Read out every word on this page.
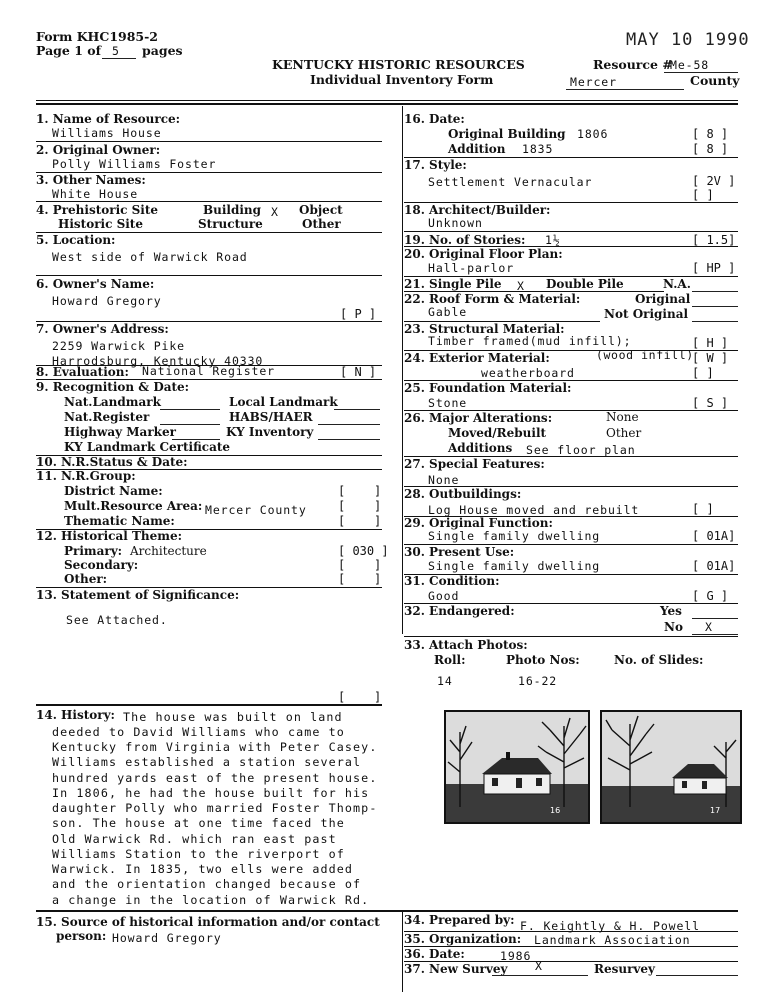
Form KHC1985-2
Page 1 of 5 pages
MAY 10 1990
KENTUCKY HISTORIC RESOURCES
Individual Inventory Form
Resource #
Me-58
Mercer	County
1. Name of Resource:
Williams House
2. Original Owner:
Polly Williams Foster
3. Other Names:
White House
4. Prehistoric Site
Historic Site
Building X
Structure
Object
Other
5. Location:
West side of Warwick Road
6. Owner's Name:
Howard Gregory
[ P ]
7. Owner's Address:
2259 Warwick Pike
Harrodsburg, Kentucky 40330
8. Evaluation: National Register	[ N ]
9. Recognition & Date:
Nat.Landmark	Local Landmark
Nat.Register	HABS/HAER
Highway Marker	KY Inventory
KY Landmark Certificate
10. N.R.Status & Date:
11. N.R.Group:
District Name:	[ ]
Mult.Resource Area: Mercer County	[ ]
Thematic Name:	[ ]
12. Historical Theme:
Primary: Architecture	[ 030 ]
Secondary:	[ ]
Other:	[ ]
13. Statement of Significance:
See Attached.
[ ]
14. History: The house was built on land
deeded to David Williams who came to
Kentucky from Virginia with Peter Casey.
Williams established a station several
hundred yards east of the present house.
In 1806, he had the house built for his
daughter Polly who married Foster Thomp-
son. The house at one time faced the
Old Warwick Rd. which ran east past
Williams Station to the riverport of
Warwick. In 1835, two ells were added
and the orientation changed because of
a change in the location of Warwick Rd.
15. Source of historical information and/or contact
person: Howard Gregory
16. Date:
Original Building 1806	[ 8 ]
Addition 1835	[ 8 ]
17. Style:
Settlement Vernacular	[ 2V ]
[ ]
18. Architect/Builder:
Unknown
19. No. of Stories: 1½	[ 1.5]
20. Original Floor Plan:
Hall-parlor	[ HP ]
21. Single Pile X Double Pile	N.A.
22. Roof Form & Material:	Original
Gable	Not Original
23. Structural Material:
Timber framed(mud infill);	[ H ]
24. Exterior Material:	(wood infill)
[ W ]
weatherboard	[ ]
25. Foundation Material:
Stone	[ S ]
26. Major Alterations:	None
Moved/Rebuilt	Other
Additions See floor plan
27. Special Features:
None
28. Outbuildings:
Log House moved and rebuilt	[ ]
29. Original Function:
Single family dwelling	[ 01A]
30. Present Use:
Single family dwelling	[ 01A]
31. Condition:
Good	[ G ]
32. Endangered:	Yes
No X
33. Attach Photos:
Roll:	Photo Nos:	No. of Slides:
14	16-22
16	17
34. Prepared by: F. Keightly & H. Powell
35. Organization: Landmark Association
36. Date:	1986
37. New Survey X	Resurvey
